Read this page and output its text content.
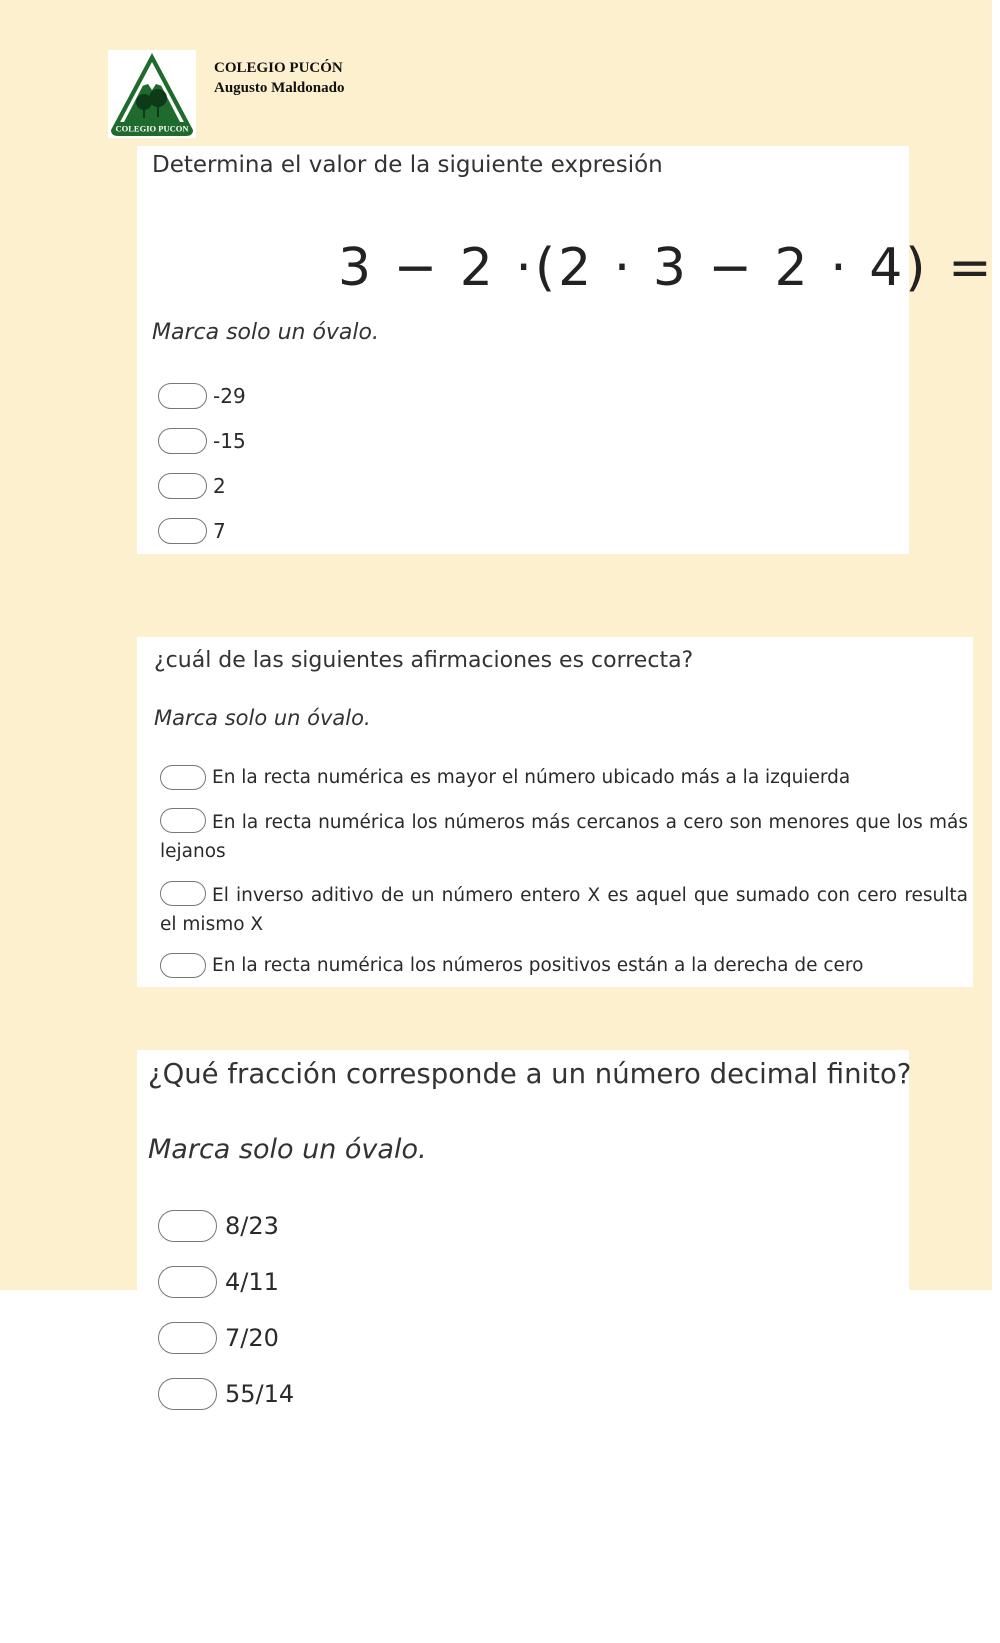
COLEGIO PUCON
COLEGIO PUCÓN
Augusto Maldonado
Determina el valor de la siguiente expresión
3 − 2 ·(2 · 3 − 2 · 4) =
Marca solo un óvalo.
-29
-15
2
7
¿cuál de las siguientes afirmaciones es correcta?
Marca solo un óvalo.
En la recta numérica es mayor el número ubicado más a la izquierda
En la recta numérica los números más cercanos a cero son menores que los más lejanos
El inverso aditivo de un número entero X es aquel que sumado con cero resulta el mismo X
En la recta numérica los números positivos están a la derecha de cero
¿Qué fracción corresponde a un número decimal finito?
Marca solo un óvalo.
8/23
4/11
7/20
55/14
